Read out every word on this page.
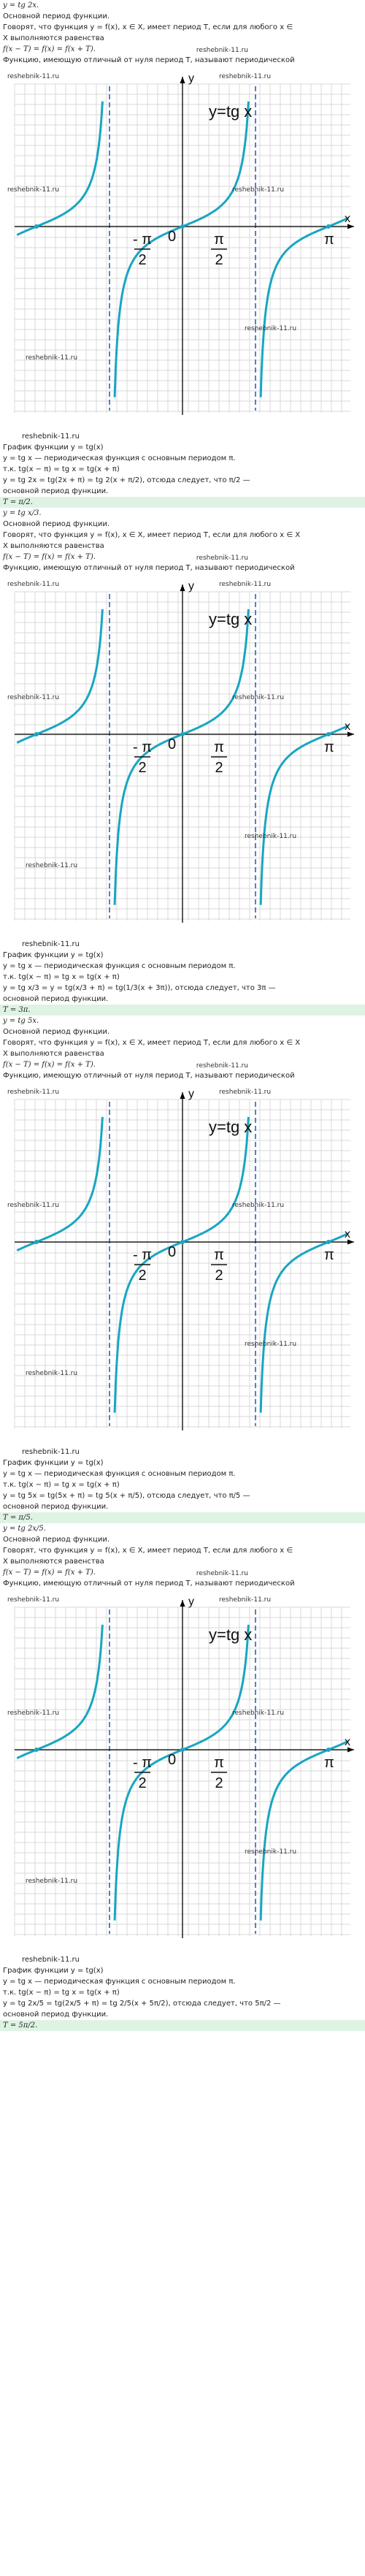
y = tg 2x.
Основной период функции.
Говорят, что функция y = f(x), x ∈ X, имеет период T, если для любого x ∈
X выполняются равенства
f(x − T) = f(x) = f(x + T).
Функцию, имеющую отличный от нуля период T, называют периодической
reshebnik-11.ru
y
x
y=tg x
0
- π
2
π
2
π
reshebnik-11.ru	reshebnik-11.ru
reshebnik-11.ru	reshebnik-11.ru
reshebnik-11.ru
reshebnik-11.ru
reshebnik-11.ru
График функции y = tg(x)
y = tg x — периодическая функция с основным периодом π.
т.к. tg(x − π) = tg x = tg(x + π)
y = tg 2x = tg(2x + π) = tg 2(x + π/2), отсюда следует, что π/2 —
основной период функции.
T = π/2.
y = tg x/3.
Основной период функции.
Говорят, что функция y = f(x), x ∈ X, имеет период T, если для любого x ∈ X
X выполняются равенства
f(x − T) = f(x) = f(x + T).
Функцию, имеющую отличный от нуля период T, называют периодической
reshebnik-11.ru
y
x
y=tg x
0
- π
2
π
2
π
reshebnik-11.ru	reshebnik-11.ru
reshebnik-11.ru	reshebnik-11.ru
reshebnik-11.ru
reshebnik-11.ru
reshebnik-11.ru
График функции y = tg(x)
y = tg x — периодическая функция с основным периодом π.
т.к. tg(x − π) = tg x = tg(x + π)
y = tg x/3 = y = tg(x/3 + π) = tg(1/3(x + 3π)), отсюда следует, что 3π —
основной период функции.
T = 3π.
y = tg 5x.
Основной период функции.
Говорят, что функция y = f(x), x ∈ X, имеет период T, если для любого x ∈ X
X выполняются равенства
f(x − T) = f(x) = f(x + T).
Функцию, имеющую отличный от нуля период T, называют периодической
reshebnik-11.ru
y
x
y=tg x
0
- π
2
π
2
π
reshebnik-11.ru	reshebnik-11.ru
reshebnik-11.ru	reshebnik-11.ru
reshebnik-11.ru
reshebnik-11.ru
reshebnik-11.ru
График функции y = tg(x)
y = tg x — периодическая функция с основным периодом π.
т.к. tg(x − π) = tg x = tg(x + π)
y = tg 5x = tg(5x + π) = tg 5(x + π/5), отсюда следует, что π/5 —
основной период функции.
T = π/5.
y = tg 2x/5.
Основной период функции.
Говорят, что функция y = f(x), x ∈ X, имеет период T, если для любого x ∈
X выполняются равенства
f(x − T) = f(x) = f(x + T).
Функцию, имеющую отличный от нуля период T, называют периодической
reshebnik-11.ru
y
x
y=tg x
0
- π
2
π
2
π
reshebnik-11.ru	reshebnik-11.ru
reshebnik-11.ru	reshebnik-11.ru
reshebnik-11.ru
reshebnik-11.ru
reshebnik-11.ru
График функции y = tg(x)
y = tg x — периодическая функция с основным периодом π.
т.к. tg(x − π) = tg x = tg(x + π)
y = tg 2x/5 = tg(2x/5 + π) = tg 2/5(x + 5π/2), отсюда следует, что 5π/2 —
основной период функции.
T = 5π/2.
